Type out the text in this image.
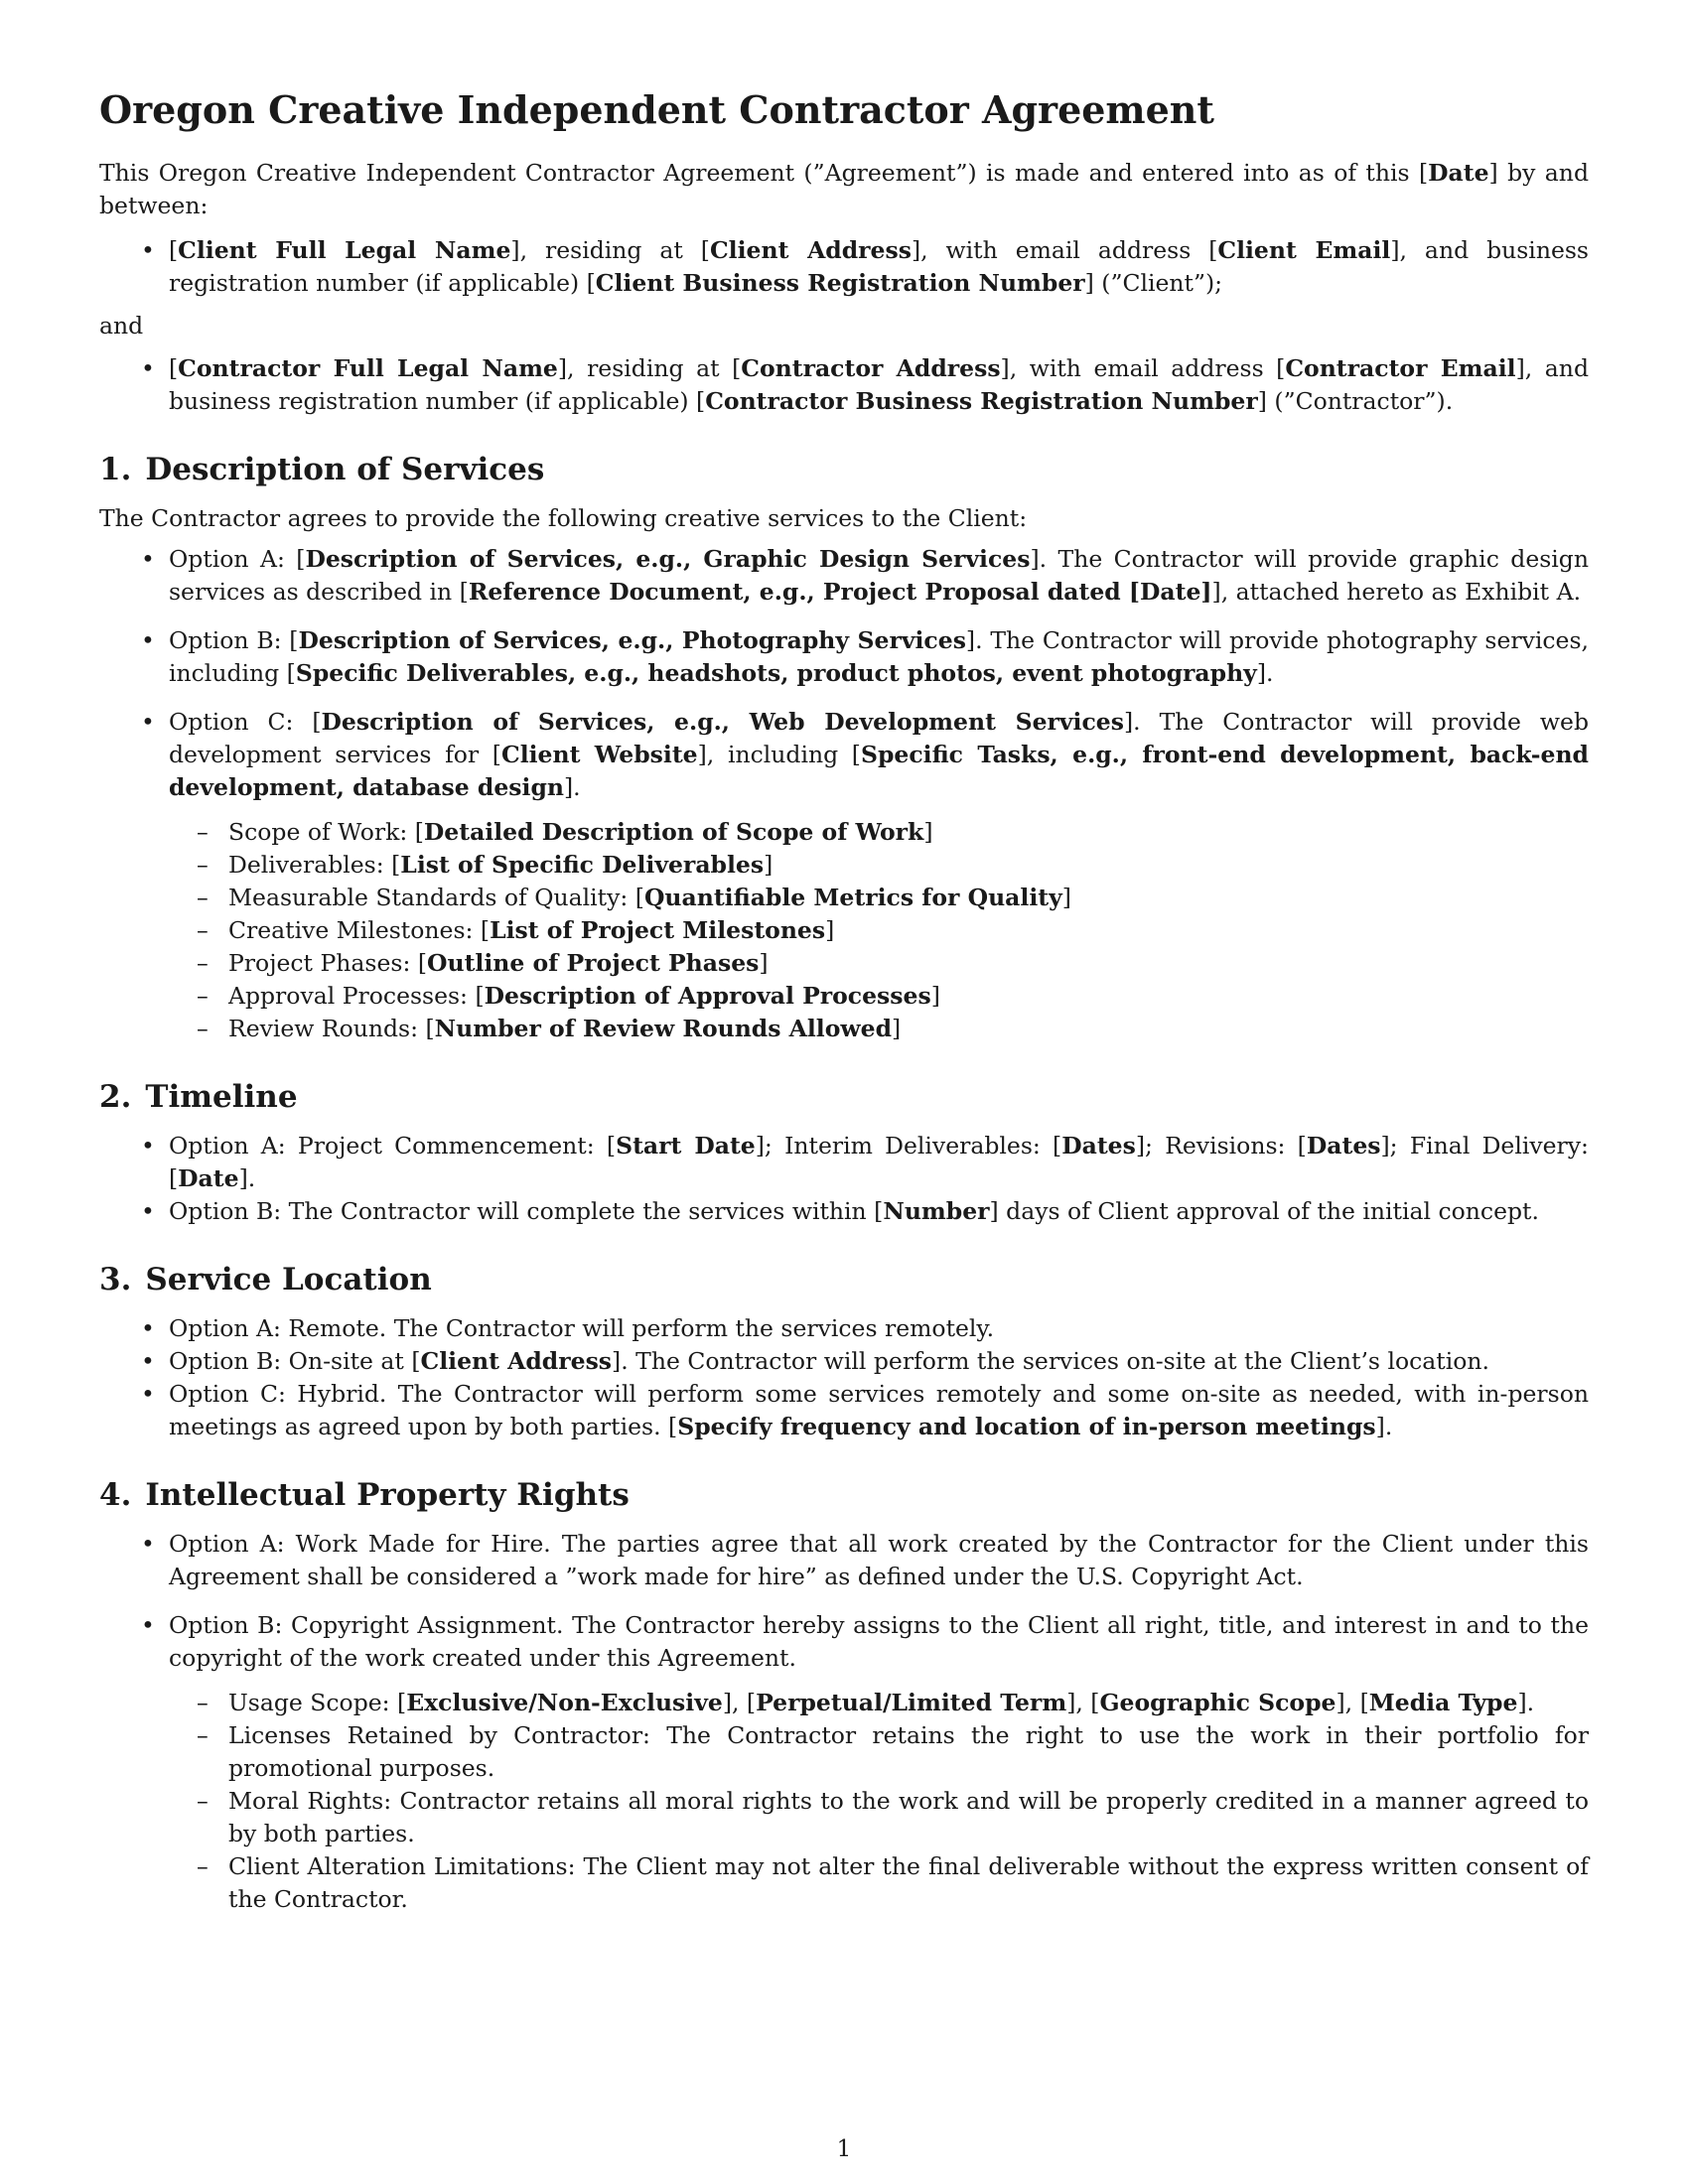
Oregon Creative Independent Contractor Agreement

This Oregon Creative Independent Contractor Agreement (”Agreement”) is made and entered into as of this [Date] by and between:

• [Client Full Legal Name], residing at [Client Address], with email address [Client Email], and business registration number (if applicable) [Client Business Registration Number] (”Client”);

and

• [Contractor Full Legal Name], residing at [Contractor Address], with email address [Contractor Email], and business registration number (if applicable) [Contractor Business Registration Number] (”Contractor”).
1. Description of Services

The Contractor agrees to provide the following creative services to the Client:

• Option A: [Description of Services, e.g., Graphic Design Services]. The Contractor will provide graphic design services as described in [Reference Document, e.g., Project Proposal dated [Date]], attached hereto as Exhibit A.
• Option B: [Description of Services, e.g., Photography Services]. The Contractor will provide photography services, including [Specific Deliverables, e.g., headshots, product photos, event photography].
• Option C: [Description of Services, e.g., Web Development Services]. The Contractor will provide web development services for [Client Website], including [Specific Tasks, e.g., front-end development, back-end development, database design].
– Scope of Work: [Detailed Description of Scope of Work]
– Deliverables: [List of Specific Deliverables]
– Measurable Standards of Quality: [Quantifiable Metrics for Quality]
– Creative Milestones: [List of Project Milestones]
– Project Phases: [Outline of Project Phases]
– Approval Processes: [Description of Approval Processes]
– Review Rounds: [Number of Review Rounds Allowed]
2. Timeline
• Option A: Project Commencement: [Start Date]; Interim Deliverables: [Dates]; Revisions: [Dates]; Final Delivery: [Date].
• Option B: The Contractor will complete the services within [Number] days of Client approval of the initial concept.
3. Service Location
• Option A: Remote. The Contractor will perform the services remotely.
• Option B: On-site at [Client Address]. The Contractor will perform the services on-site at the Client’s location.
• Option C: Hybrid. The Contractor will perform some services remotely and some on-site as needed, with in-person meetings as agreed upon by both parties. [Specify frequency and location of in-person meetings].
4. Intellectual Property Rights
• Option A: Work Made for Hire. The parties agree that all work created by the Contractor for the Client under this Agreement shall be considered a ”work made for hire” as defined under the U.S. Copyright Act.
• Option B: Copyright Assignment. The Contractor hereby assigns to the Client all right, title, and interest in and to the copyright of the work created under this Agreement.
– Usage Scope: [Exclusive/Non-Exclusive], [Perpetual/Limited Term], [Geographic Scope], [Media Type].
– Licenses Retained by Contractor: The Contractor retains the right to use the work in their portfolio for promotional purposes.
– Moral Rights: Contractor retains all moral rights to the work and will be properly credited in a manner agreed to by both parties.
– Client Alteration Limitations: The Client may not alter the final deliverable without the express written consent of the Contractor.
1
